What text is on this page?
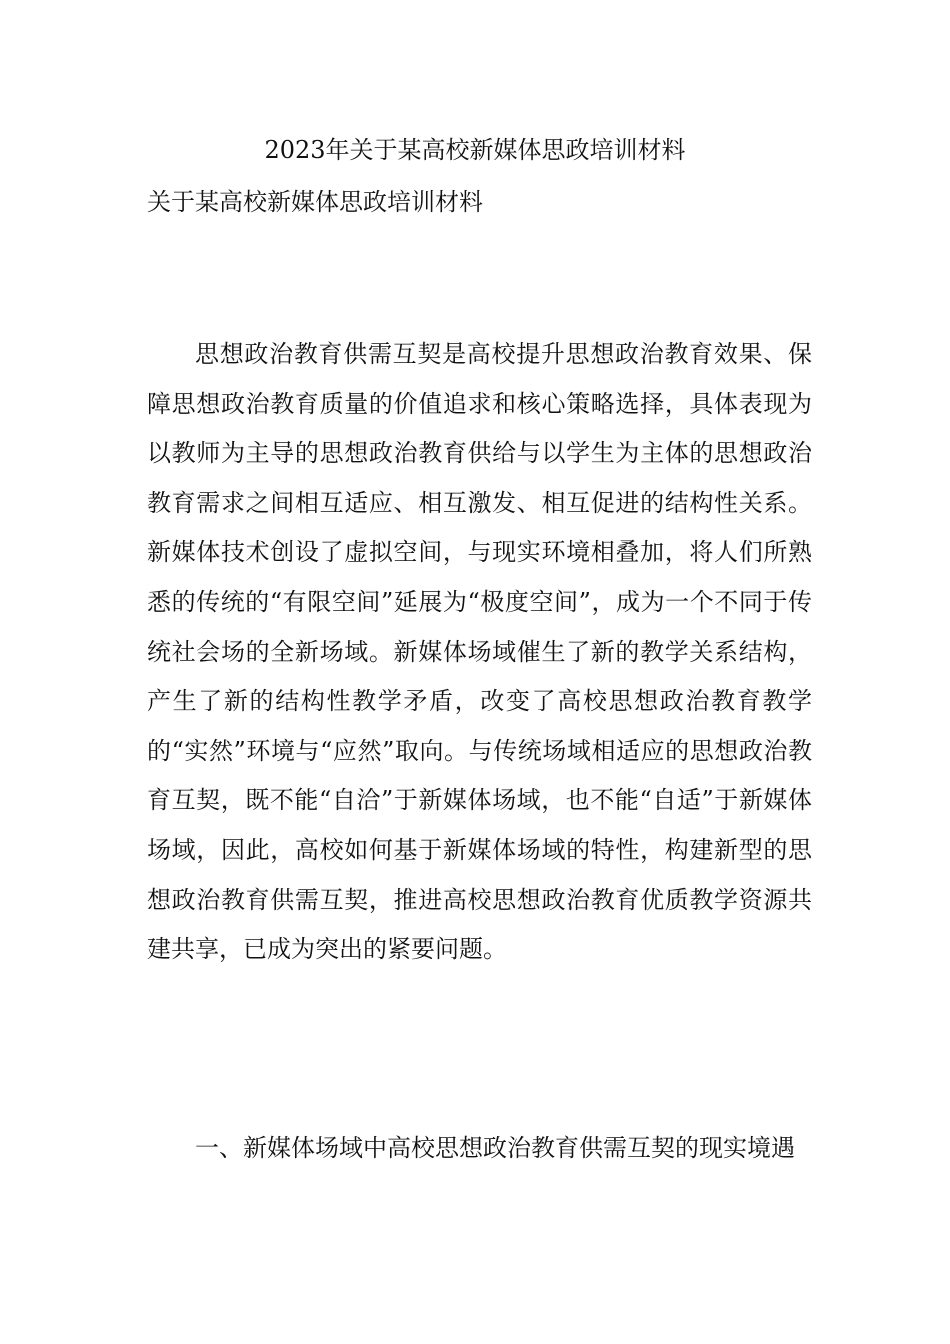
2023年关于某高校新媒体思政培训材料
关于某高校新媒体思政培训材料

思想政治教育供需互契是高校提升思想政治教育效果、保障思想政治教育质量的价值追求和核心策略选择，具体表现为以教师为主导的思想政治教育供给与以学生为主体的思想政治教育需求之间相互适应、相互激发、相互促进的结构性关系。新媒体技术创设了虚拟空间，与现实环境相叠加，将人们所熟悉的传统的“有限空间”延展为“极度空间”，成为一个不同于传统社会场的全新场域。新媒体场域催生了新的教学关系结构，产生了新的结构性教学矛盾，改变了高校思想政治教育教学的“实然”环境与“应然”取向。与传统场域相适应的思想政治教育互契，既不能“自洽”于新媒体场域，也不能“自适”于新媒体场域，因此，高校如何基于新媒体场域的特性，构建新型的思想政治教育供需互契，推进高校思想政治教育优质教学资源共建共享，已成为突出的紧要问题。

一、新媒体场域中高校思想政治教育供需互契的现实境遇
